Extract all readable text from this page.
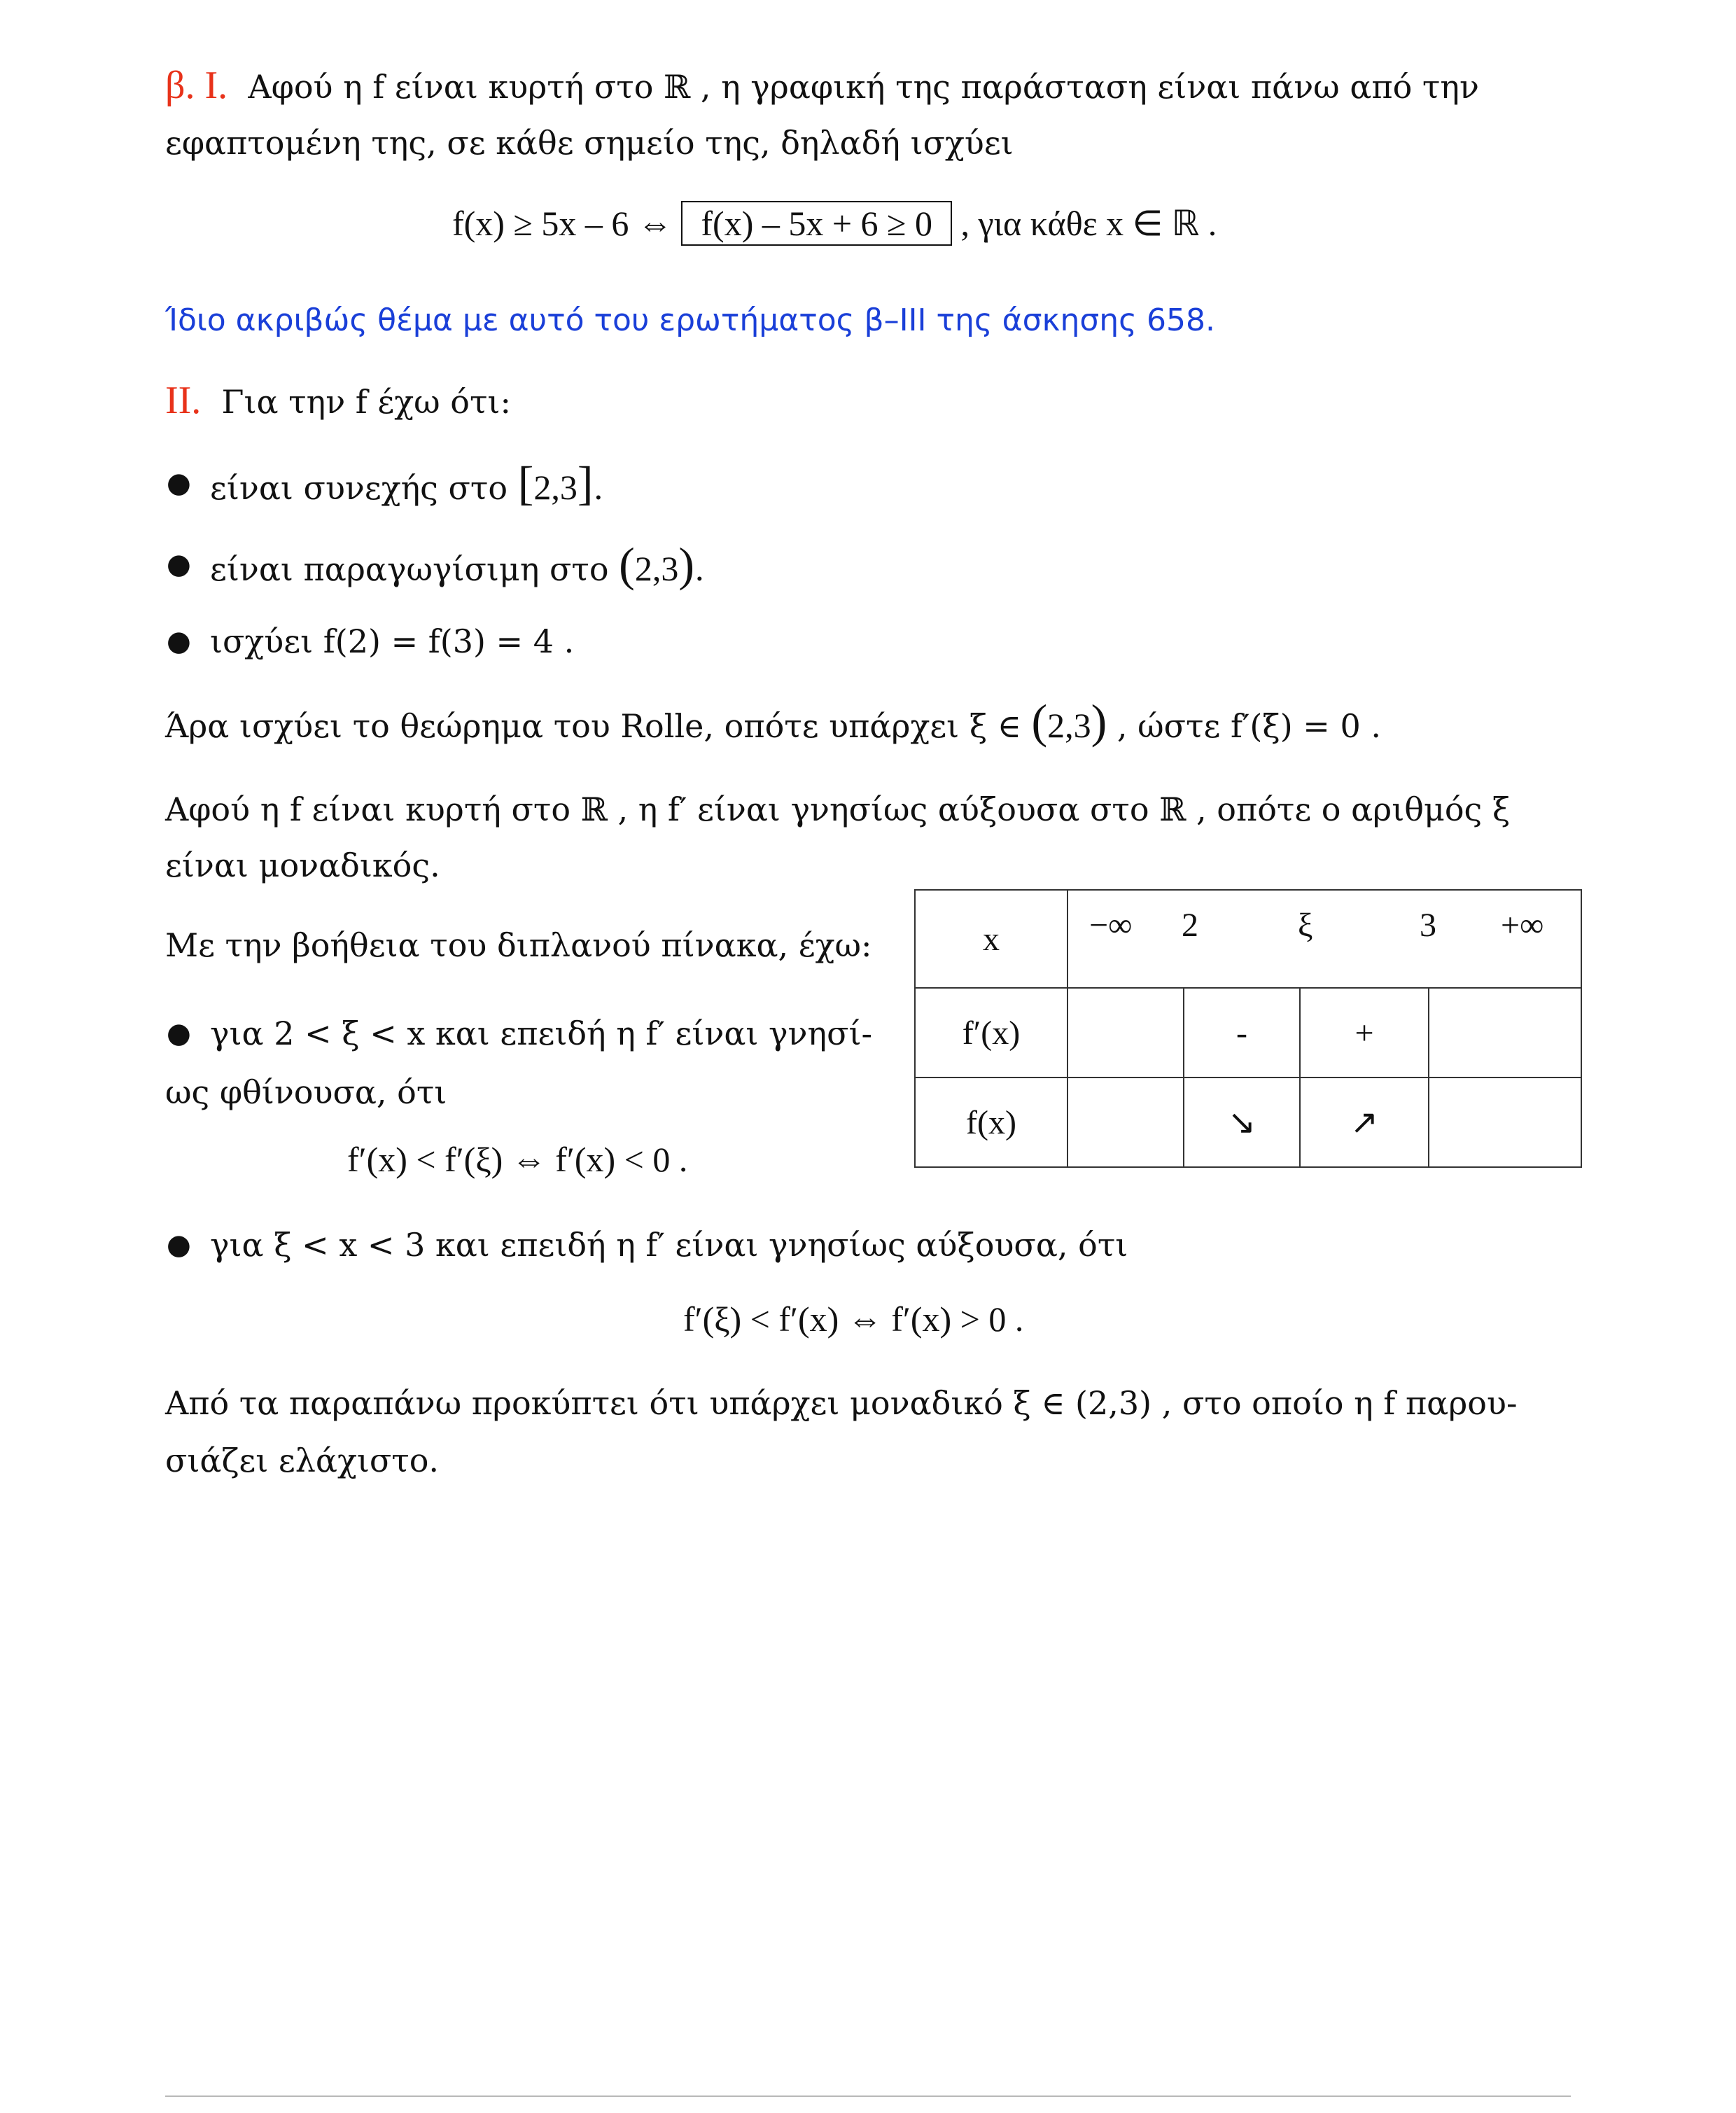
β. I. Αφού η f είναι κυρτή στο ℝ , η γραφική της παράσταση είναι πάνω από την
εφαπτομένη της, σε κάθε σημείο της, δηλαδή ισχύει
f(x) ≥ 5x – 6 ⇔ f(x) – 5x + 6 ≥ 0 , για κάθε x ∈ ℝ .
Ίδιο ακριβώς θέμα με αυτό του ερωτήματος β–ΙΙΙ της άσκησης 658.
II. Για την f έχω ότι:
● είναι συνεχής στο [2,3].
● είναι παραγωγίσιμη στο (2,3).
● ισχύει f(2) = f(3) = 4 .
Άρα ισχύει το θεώρημα του Rolle, οπότε υπάρχει ξ ∈ (2,3) , ώστε f′(ξ) = 0 .
Αφού η f είναι κυρτή στο ℝ , η f′ είναι γνησίως αύξουσα στο ℝ , οπότε ο αριθμός ξ
είναι μοναδικός.
Με την βοήθεια του διπλανού πίνακα, έχω:
● για 2 < ξ < x και επειδή η f′ είναι γνησί-
ως φθίνουσα, ότι
f′(x) < f′(ξ) ⇔ f′(x) < 0 .
● για ξ < x < 3 και επειδή η f′ είναι γνησίως αύξουσα, ότι
f′(ξ) < f′(x) ⇔ f′(x) > 0 .
Από τα παραπάνω προκύπτει ότι υπάρχει μοναδικό ξ ∈ (2,3) , στο οποίο η f παρου-
σιάζει ελάχιστο.
x	−∞ 2 ξ 3 +∞			

f′(x)		-	+	
f(x)		↘	↗	
